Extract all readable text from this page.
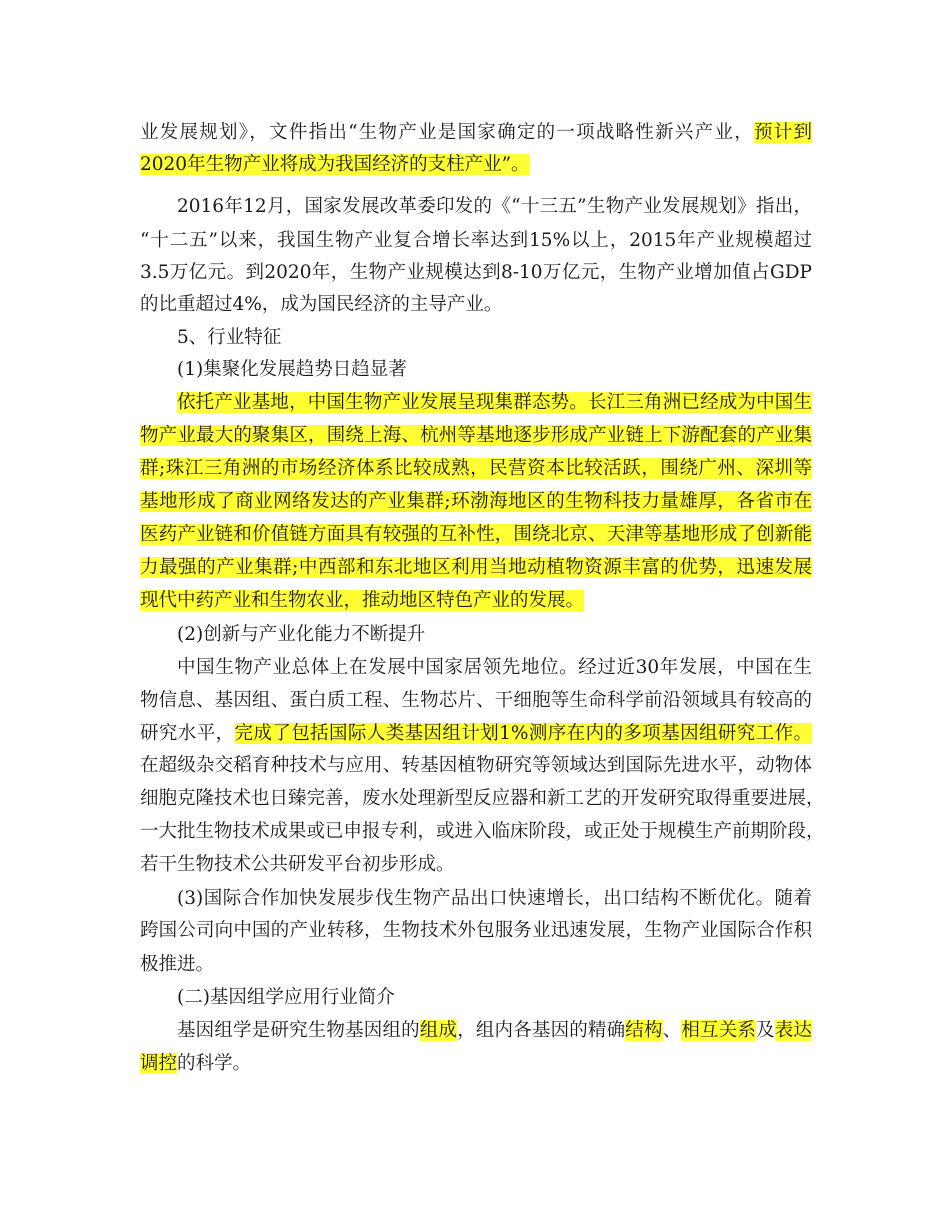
业发展规划》，文件指出“生物产业是国家确定的一项战略性新兴产业，预计到

2020年生物产业将成为我国经济的支柱产业”。

2016年12月，国家发展改革委印发的《“十三五”生物产业发展规划》指出，

“十二五”以来，我国生物产业复合增长率达到15%以上，2015年产业规模超过

3.5万亿元。到2020年，生物产业规模达到8-10万亿元，生物产业增加值占GDP

的比重超过4%，成为国民经济的主导产业。

5、行业特征

(1)集聚化发展趋势日趋显著

依托产业基地，中国生物产业发展呈现集群态势。长江三角洲已经成为中国生

物产业最大的聚集区，围绕上海、杭州等基地逐步形成产业链上下游配套的产业集

群;珠江三角洲的市场经济体系比较成熟，民营资本比较活跃，围绕广州、深圳等

基地形成了商业网络发达的产业集群;环渤海地区的生物科技力量雄厚，各省市在

医药产业链和价值链方面具有较强的互补性，围绕北京、天津等基地形成了创新能

力最强的产业集群;中西部和东北地区利用当地动植物资源丰富的优势，迅速发展

现代中药产业和生物农业，推动地区特色产业的发展。

(2)创新与产业化能力不断提升

中国生物产业总体上在发展中国家居领先地位。经过近30年发展，中国在生

物信息、基因组、蛋白质工程、生物芯片、干细胞等生命科学前沿领域具有较高的

研究水平，完成了包括国际人类基因组计划1%测序在内的多项基因组研究工作。

在超级杂交稻育种技术与应用、转基因植物研究等领域达到国际先进水平，动物体

细胞克隆技术也日臻完善，废水处理新型反应器和新工艺的开发研究取得重要进展，

一大批生物技术成果或已申报专利，或进入临床阶段，或正处于规模生产前期阶段，

若干生物技术公共研发平台初步形成。

(3)国际合作加快发展步伐生物产品出口快速增长，出口结构不断优化。随着

跨国公司向中国的产业转移，生物技术外包服务业迅速发展，生物产业国际合作积

极推进。

(二)基因组学应用行业简介

基因组学是研究生物基因组的组成，组内各基因的精确结构、相互关系及表达

调控的科学。
